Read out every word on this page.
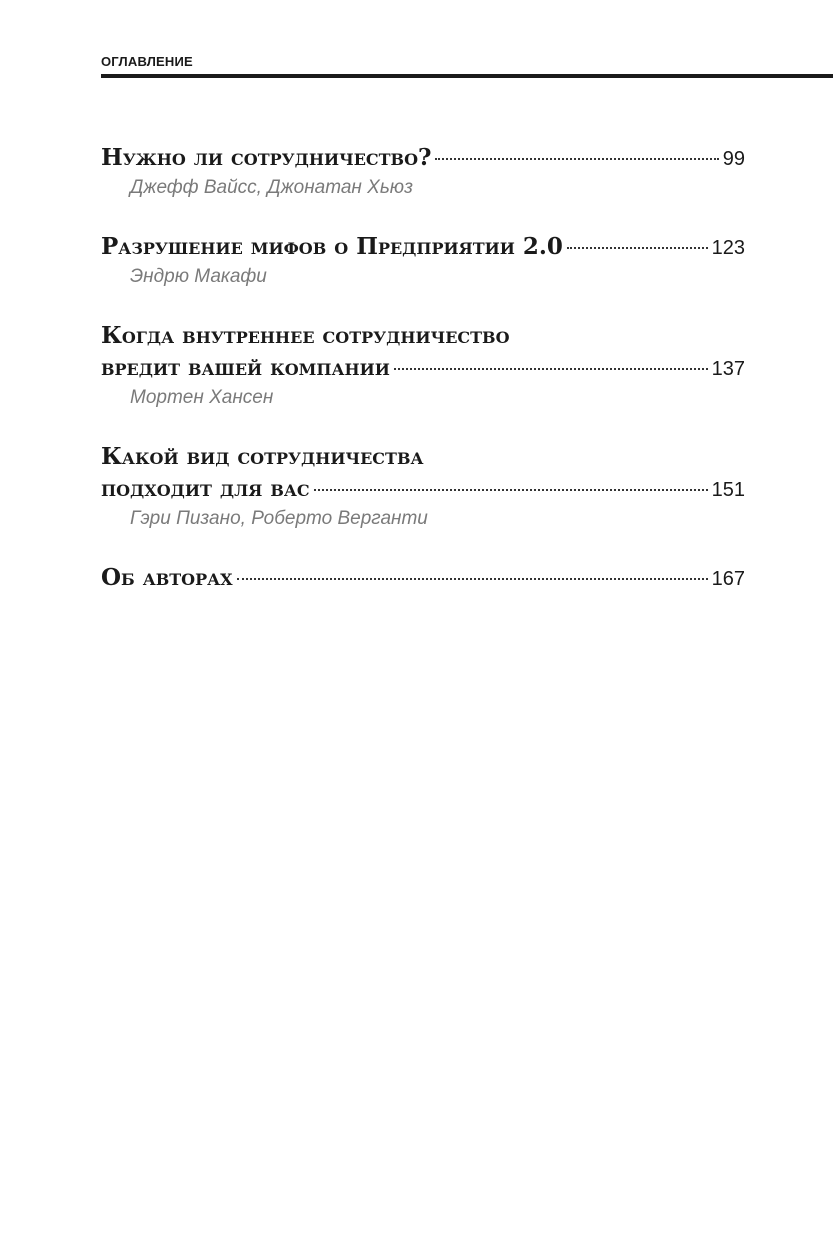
ОГЛАВЛЕНИЕ
Нужно ли сотрудничество?	99
Джефф Вайсс, Джонатан Хьюз
Разрушение мифов о Предприятии 2.0	123
Эндрю Макафи
Когда внутреннее сотрудничество
вредит вашей компании	137
Мортен Хансен
Какой вид сотрудничества
подходит для вас	151
Гэри Пизано, Роберто Верганти
Об авторах	167
